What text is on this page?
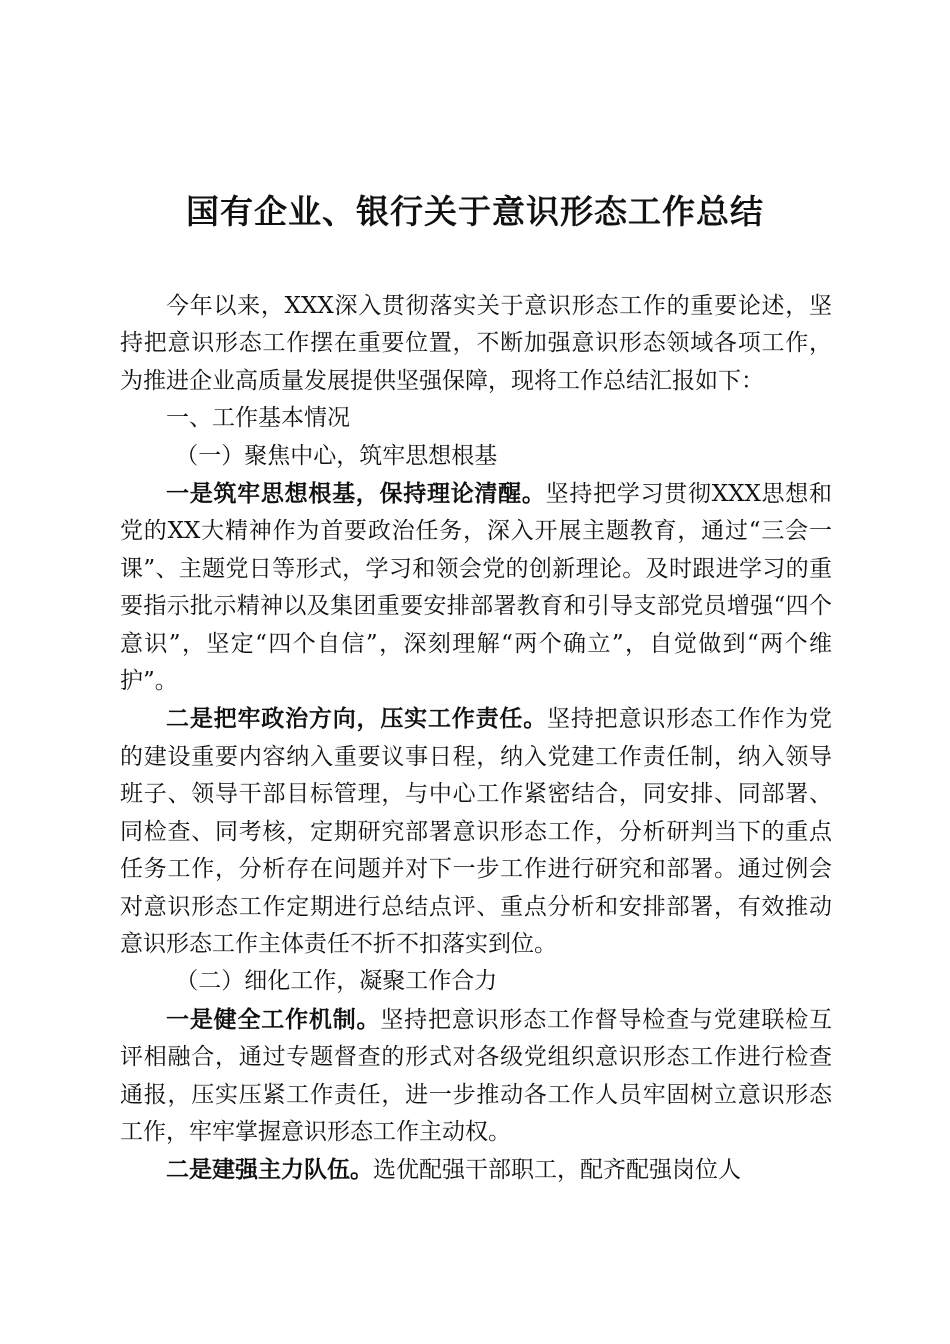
国有企业、银行关于意识形态工作总结

今年以来，XXX深入贯彻落实关于意识形态工作的重要论述，坚持把意识形态工作摆在重要位置，不断加强意识形态领域各项工作，为推进企业高质量发展提供坚强保障，现将工作总结汇报如下：

一、工作基本情况

（一）聚焦中心，筑牢思想根基

一是筑牢思想根基，保持理论清醒。坚持把学习贯彻XXX思想和党的XX大精神作为首要政治任务，深入开展主题教育，通过“三会一课”、主题党日等形式，学习和领会党的创新理论。及时跟进学习的重要指示批示精神以及集团重要安排部署教育和引导支部党员增强“四个意识”，坚定“四个自信”，深刻理解“两个确立”，自觉做到“两个维护”。

二是把牢政治方向，压实工作责任。坚持把意识形态工作作为党的建设重要内容纳入重要议事日程，纳入党建工作责任制，纳入领导班子、领导干部目标管理，与中心工作紧密结合，同安排、同部署、同检查、同考核，定期研究部署意识形态工作，分析研判当下的重点任务工作，分析存在问题并对下一步工作进行研究和部署。通过例会对意识形态工作定期进行总结点评、重点分析和安排部署，有效推动意识形态工作主体责任不折不扣落实到位。

（二）细化工作，凝聚工作合力

一是健全工作机制。坚持把意识形态工作督导检查与党建联检互评相融合，通过专题督查的形式对各级党组织意识形态工作进行检查通报，压实压紧工作责任，进一步推动各工作人员牢固树立意识形态工作，牢牢掌握意识形态工作主动权。

二是建强主力队伍。选优配强干部职工，配齐配强岗位人
